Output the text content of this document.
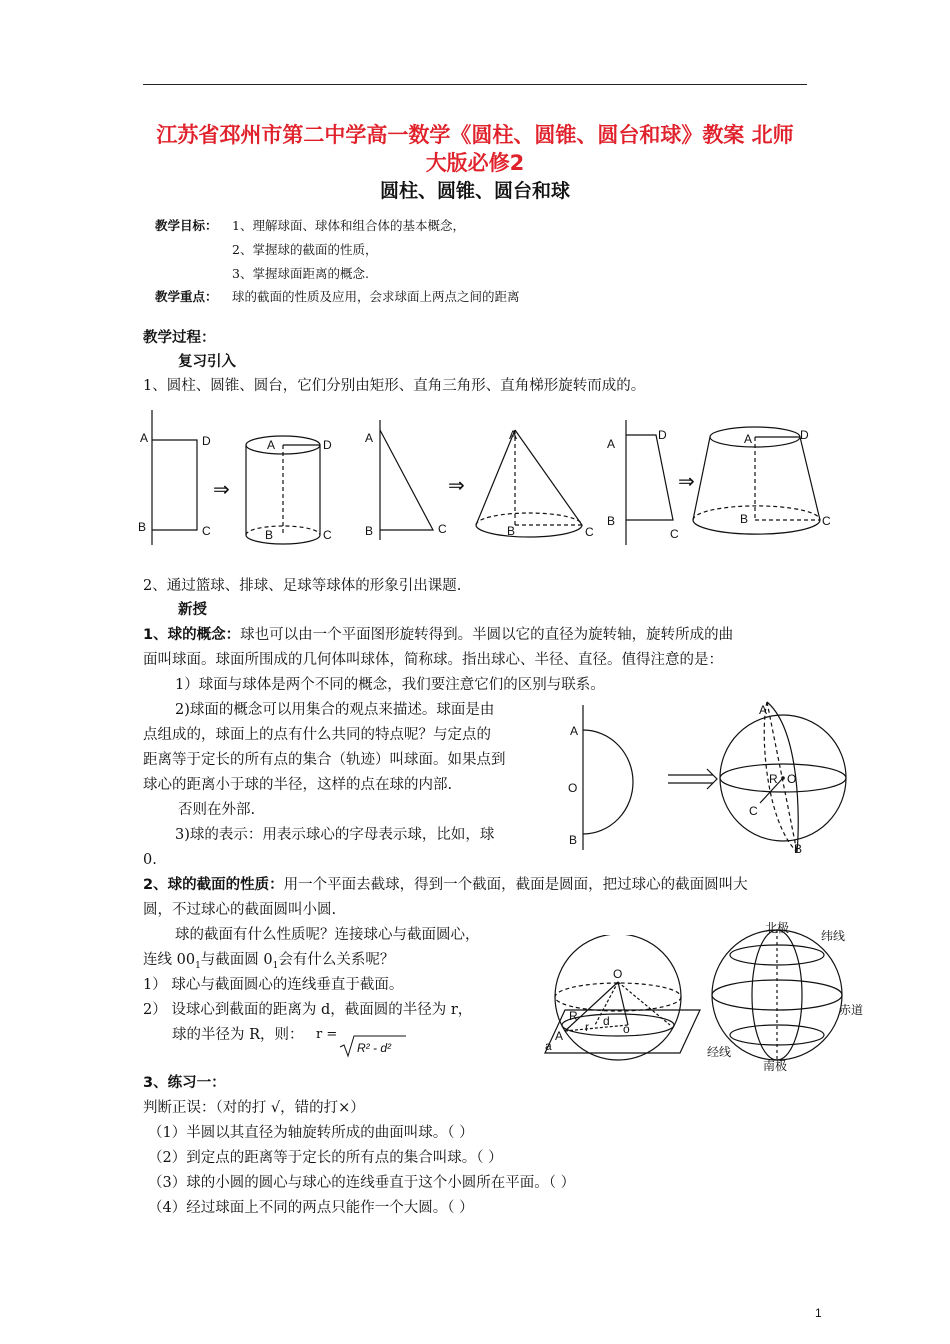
江苏省邳州市第二中学高一数学《圆柱、圆锥、圆台和球》教案 北师
大版必修2
圆柱、圆锥、圆台和球
教学目标： 1、理解球面、球体和组合体的基本概念，
2、掌握球的截面的性质，
3、掌握球面距离的概念.
教学重点： 球的截面的性质及应用，会求球面上两点之间的距离
教学过程：
复习引入
1、圆柱、圆锥、圆台，它们分别由矩形、直角三角形、直角梯形旋转而成的。
A	D
B	C
⇒
A	D
B	C
A
B	C
⇒
A
B	C
A
D
B
C
⇒
A	D
B	C
2、通过篮球、排球、足球等球体的形象引出课题.
新授
1、球的概念：球也可以由一个平面图形旋转得到。半圆以它的直径为旋转轴，旋转所成的曲
面叫球面。球面所围成的几何体叫球体，简称球。指出球心、半径、直径。值得注意的是：
1）球面与球体是两个不同的概念，我们要注意它们的区别与联系。
2)球面的概念可以用集合的观点来描述。球面是由
点组成的，球面上的点有什么共同的特点呢？与定点的
距离等于定长的所有点的集合（轨迹）叫球面。如果点到
球心的距离小于球的半径，这样的点在球的内部.
否则在外部.
3)球的表示：用表示球心的字母表示球，比如，球
0.
A
O
B
A
R O
C
B
2、球的截面的性质：用一个平面去截球，得到一个截面，截面是圆面，把过球心的截面圆叫大
圆，不过球心的截面圆叫小圆.
球的截面有什么性质呢？连接球心与截面圆心，
连线 $00_1$与截面圆 $0_1$会有什么关系呢？
1） 球心与截面圆心的连线垂直于截面。
2） 设球心到截面的距离为 d，截面圆的半径为 r，
球的半径为 R，则： r =
R² - d²
O
R
r d
o
A
a
北极
纬线
赤道
经线
南极
3、练习一：
判断正误：（对的打 √，错的打×）
（1）半圆以其直径为轴旋转所成的曲面叫球。（ ）
（2）到定点的距离等于定长的所有点的集合叫球。（ ）
（3）球的小圆的圆心与球心的连线垂直于这个小圆所在平面。（ ）
（4）经过球面上不同的两点只能作一个大圆。（ ）
1
